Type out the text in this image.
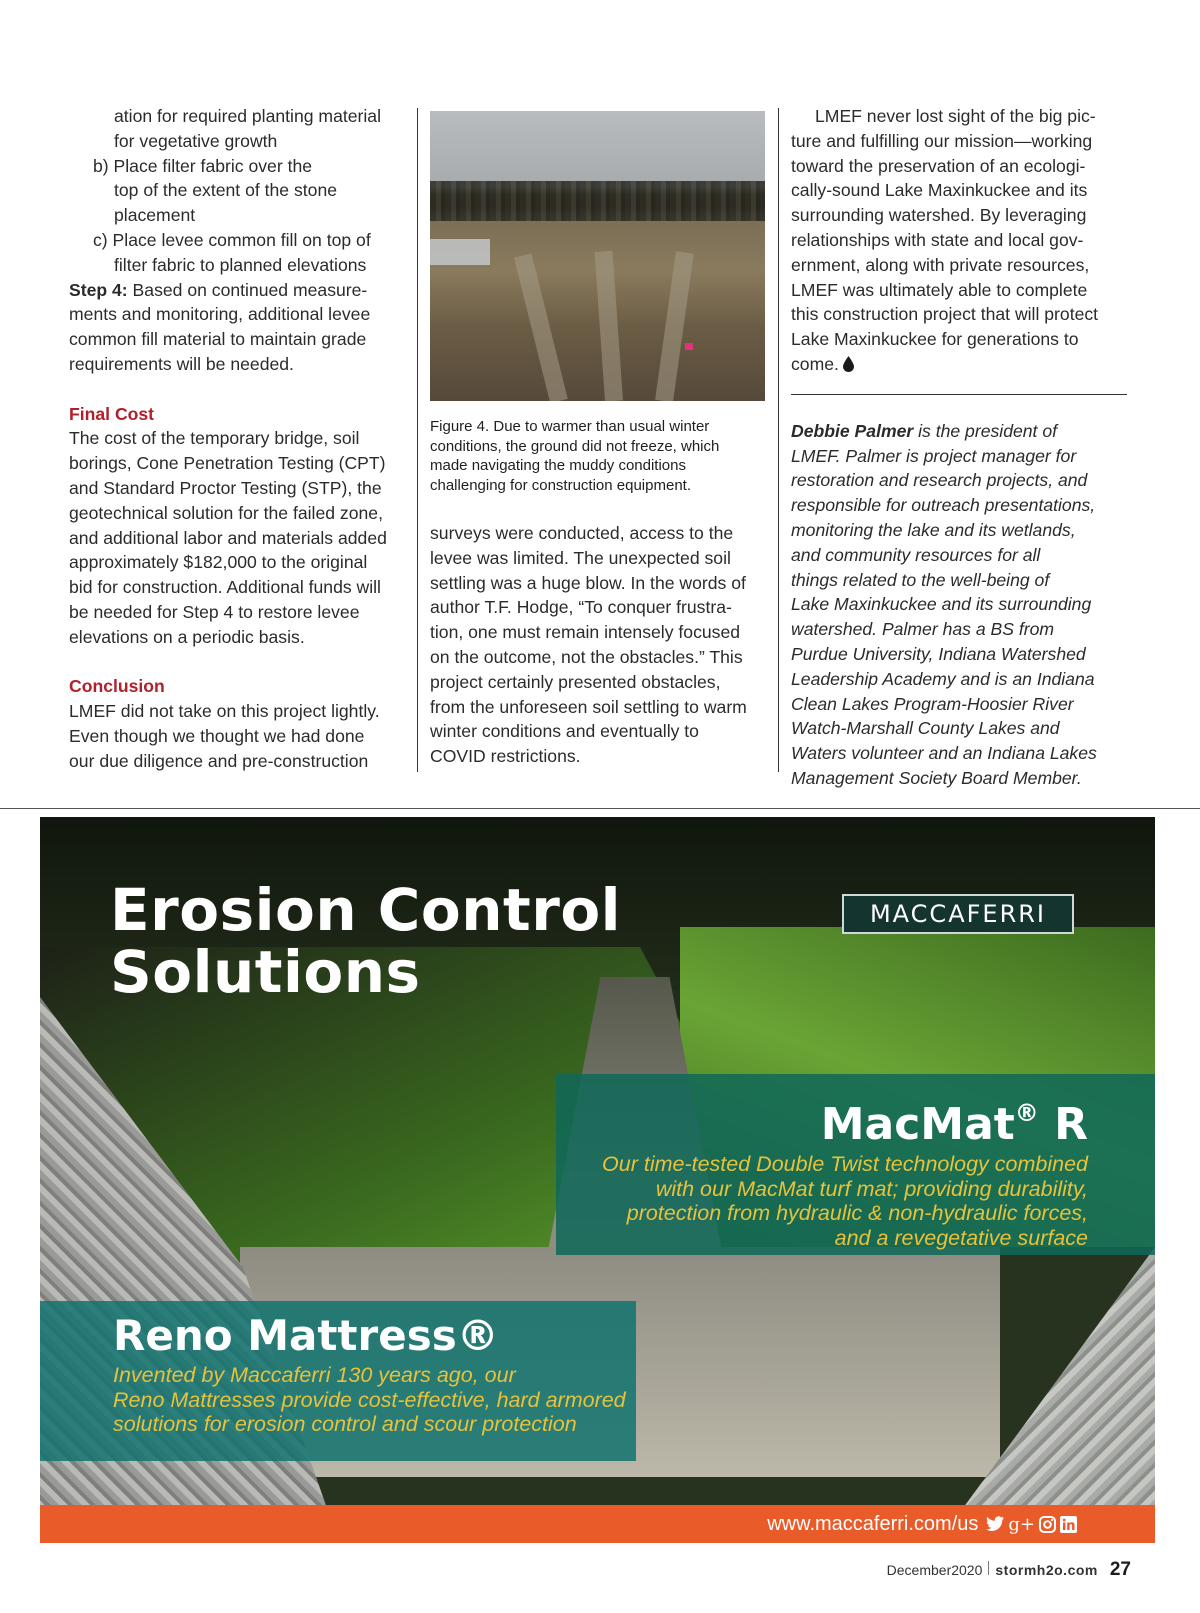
ation for required planting material

for vegetative growth

b) Place filter fabric over the

top of the extent of the stone

placement

c) Place levee common fill on top of

filter fabric to planned elevations

Step 4: Based on continued measure-

ments and monitoring, additional levee

common fill material to maintain grade

requirements will be needed.

Final Cost

The cost of the temporary bridge, soil

borings, Cone Penetration Testing (CPT)

and Standard Proctor Testing (STP), the

geotechnical solution for the failed zone,

and additional labor and materials added

approximately $182,000 to the original

bid for construction. Additional funds will

be needed for Step 4 to restore levee

elevations on a periodic basis.

Conclusion

LMEF did not take on this project lightly.

Even though we thought we had done

our due diligence and pre-construction

Figure 4. Due to warmer than usual winter
conditions, the ground did not freeze, which
made navigating the muddy conditions
challenging for construction equipment.

surveys were conducted, access to the

levee was limited. The unexpected soil

settling was a huge blow. In the words of

author T.F. Hodge, “To conquer frustra-

tion, one must remain intensely focused

on the outcome, not the obstacles.” This

project certainly presented obstacles,

from the unforeseen soil settling to warm

winter conditions and eventually to

COVID restrictions.

LMEF never lost sight of the big pic-

ture and fulfilling our mission—working

toward the preservation of an ecologi-

cally-sound Lake Maxinkuckee and its

surrounding watershed. By leveraging

relationships with state and local gov-

ernment, along with private resources,

LMEF was ultimately able to complete

this construction project that will protect

Lake Maxinkuckee for generations to

come.

Debbie Palmer is the president of

LMEF. Palmer is project manager for

restoration and research projects, and

responsible for outreach presentations,

monitoring the lake and its wetlands,

and community resources for all

things related to the well-being of

Lake Maxinkuckee and its surrounding

watershed. Palmer has a BS from

Purdue University, Indiana Watershed

Leadership Academy and is an Indiana

Clean Lakes Program-Hoosier River

Watch-Marshall County Lakes and

Waters volunteer and an Indiana Lakes

Management Society Board Member.

Erosion Control
Solutions
MACCAFERRI
MacMat® R

Our time-tested Double Twist technology combined

with our MacMat turf mat; providing durability,

protection from hydraulic & non-hydraulic forces,

and a revegetative surface

Reno Mattress®

Invented by Maccaferri 130 years ago, our

Reno Mattresses provide cost-effective, hard armored

solutions for erosion control and scour protection

www.maccaferri.com/us g+
December2020 stormh2o.com 27
